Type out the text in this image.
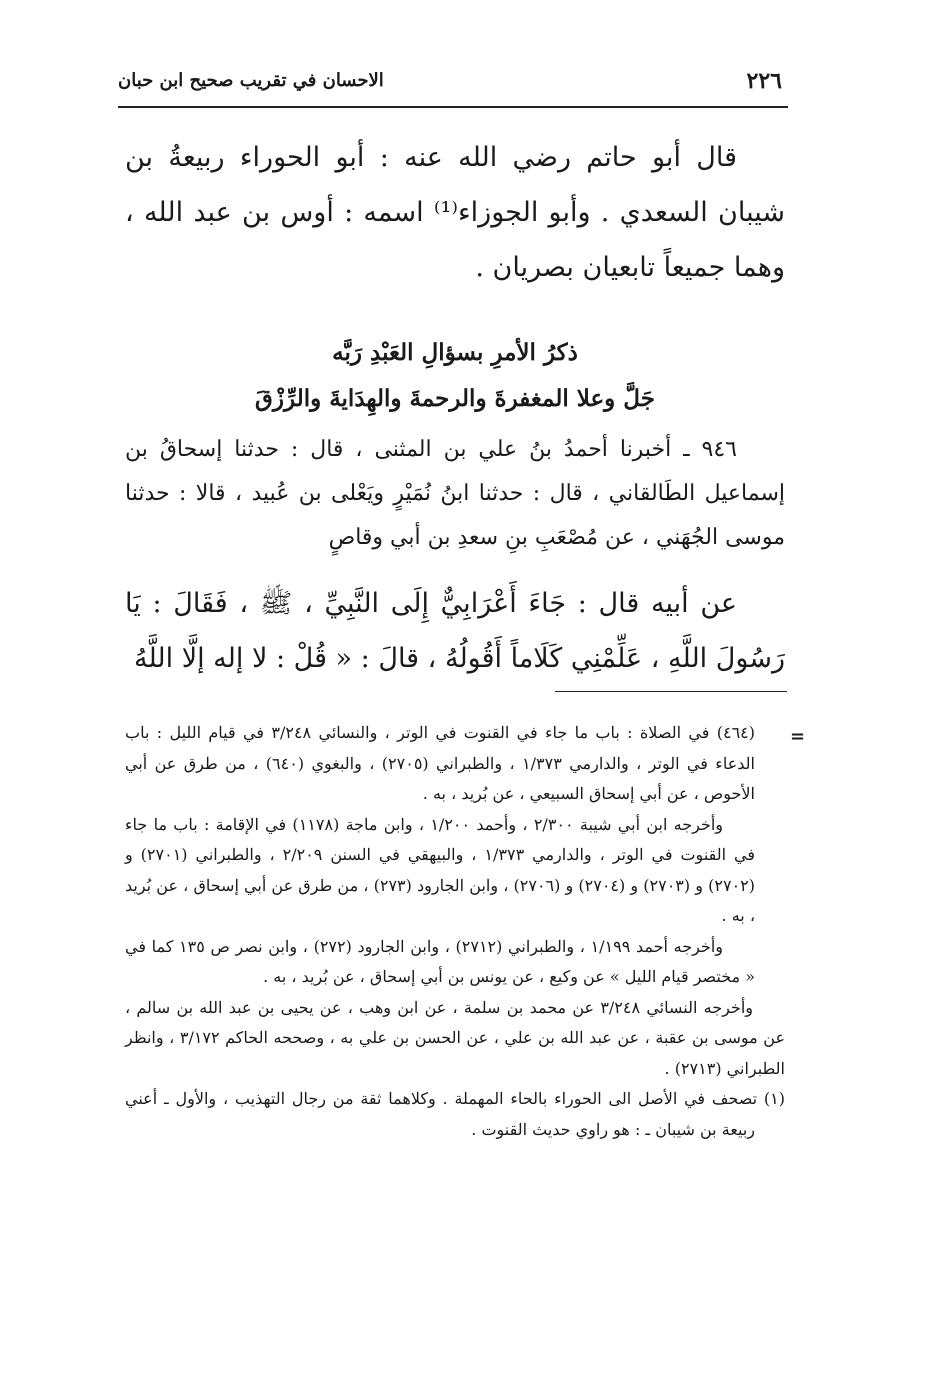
٢٢٦
الاحسان في تقريب صحيح ابن حبان

قال أبو حاتم رضي الله عنه : أبو الحوراء ربيعةُ بن شيبان السعدي . وأبو الجوزاء⁽¹⁾ اسمه : أوس بن عبد الله ، وهما جميعاً تابعيان بصريان .

ذكرُ الأمرِ بسؤالِ العَبْدِ رَبَّه
جَلَّ وعلا المغفرةَ والرحمةَ والهِدَايةَ والرِّزْقَ

٩٤٦ ـ أخبرنا أحمدُ بنُ علي بن المثنى ، قال : حدثنا إسحاقُ بن إسماعيل الطَالقاني ، قال : حدثنا ابنُ نُمَيْرٍ ويَعْلى بن عُبيد ، قالا : حدثنا موسى الجُهَني ، عن مُصْعَبِ بنِ سعدِ بن أبي وقاصٍ

عن أبيه قال : جَاءَ أَعْرَابِيٌّ إِلَى النَّبِيِّ ، ﷺ ، فَقَالَ : يَا رَسُولَ اللَّهِ ، عَلِّمْنِي كَلَاماً أَقُولُهُ ، قالَ : « قُلْ : لا إله إلَّا اللَّهُ

=

(٤٦٤) في الصلاة : باب ما جاء في القنوت في الوتر ، والنسائي ٣/٢٤٨ في قيام الليل : باب الدعاء في الوتر ، والدارمي ١/٣٧٣ ، والطبراني (٢٧٠٥) ، والبغوي (٦٤٠) ، من طرق عن أبي الأحوص ، عن أبي إسحاق السبيعي ، عن بُريد ، به .

وأخرجه ابن أبي شيبة ٢/٣٠٠ ، وأحمد ١/٢٠٠ ، وابن ماجة (١١٧٨) في الإقامة : باب ما جاء في القنوت في الوتر ، والدارمي ١/٣٧٣ ، والبيهقي في السنن ٢/٢٠٩ ، والطبراني (٢٧٠١) و (٢٧٠٢) و (٢٧٠٣) و (٢٧٠٤) و (٢٧٠٦) ، وابن الجارود (٢٧٣) ، من طرق عن أبي إسحاق ، عن بُريد ، به .

وأخرجه أحمد ١/١٩٩ ، والطبراني (٢٧١٢) ، وابن الجارود (٢٧٢) ، وابن نصر ص ١٣٥ كما في « مختصر قيام الليل » عن وكيع ، عن يونس بن أبي إسحاق ، عن بُريد ، به .

وأخرجه النسائي ٣/٢٤٨ عن محمد بن سلمة ، عن ابن وهب ، عن يحيى بن عبد الله بن سالم ، عن موسى بن عقبة ، عن عبد الله بن علي ، عن الحسن بن علي به ، وصححه الحاكم ٣/١٧٢ ، وانظر الطبراني (٢٧١٣) .

(١) تصحف في الأصل الى الحوراء بالحاء المهملة . وكلاهما ثقة من رجال التهذيب ، والأول ـ أعني ربيعة بن شيبان ـ : هو راوي حديث القنوت .
